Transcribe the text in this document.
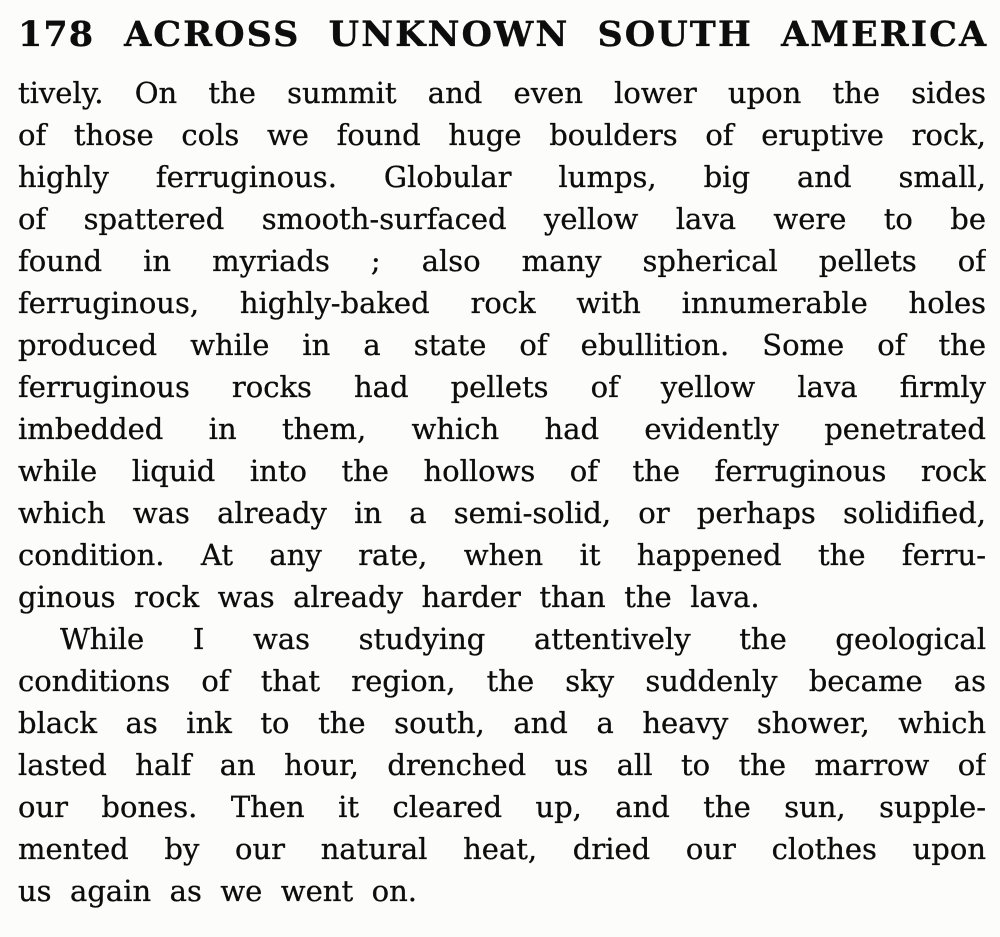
178 ACROSS UNKNOWN SOUTH AMERICA
tively. On the summit and even lower upon the sides
of those cols we found huge boulders of eruptive rock,
highly ferruginous. Globular lumps, big and small,
of spattered smooth-surfaced yellow lava were to be
found in myriads ; also many spherical pellets of
ferruginous, highly-baked rock with innumerable holes
produced while in a state of ebullition. Some of the
ferruginous rocks had pellets of yellow lava firmly
imbedded in them, which had evidently penetrated
while liquid into the hollows of the ferruginous rock
which was already in a semi-solid, or perhaps solidified,
condition. At any rate, when it happened the ferru-
ginous rock was already harder than the lava.
While I was studying attentively the geological
conditions of that region, the sky suddenly became as
black as ink to the south, and a heavy shower, which
lasted half an hour, drenched us all to the marrow of
our bones. Then it cleared up, and the sun, supple-
mented by our natural heat, dried our clothes upon
us again as we went on.
